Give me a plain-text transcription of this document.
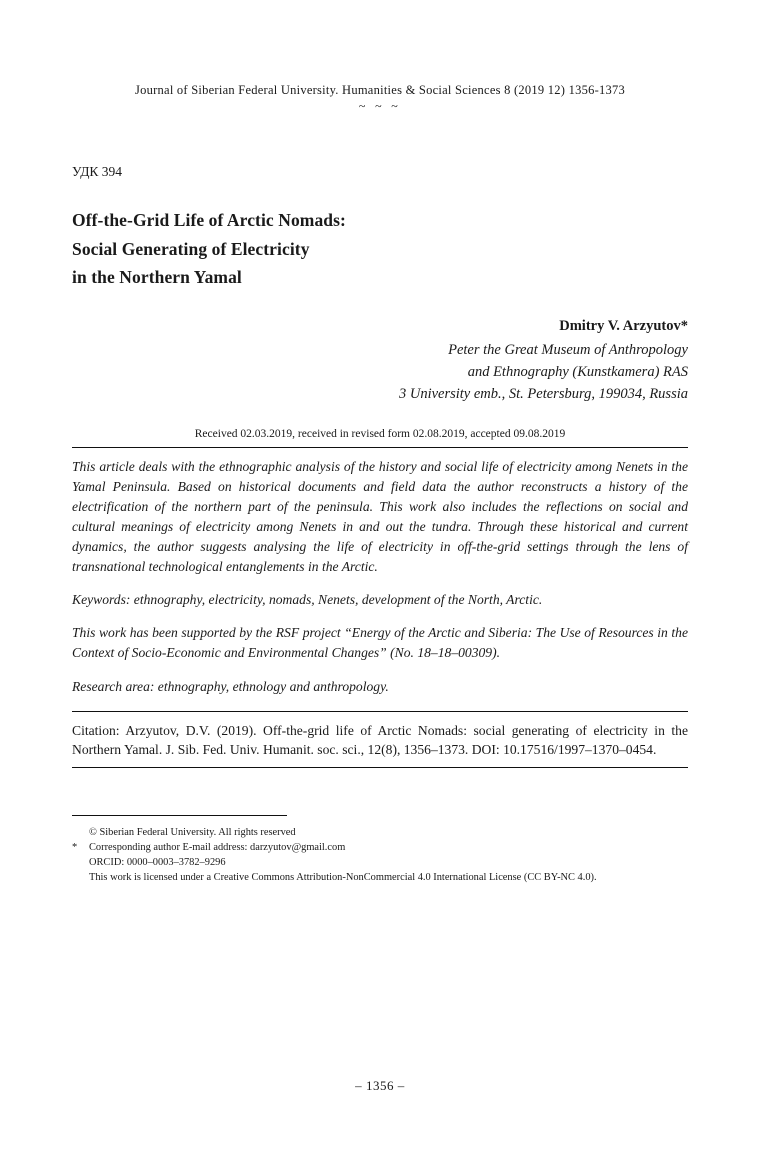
Journal of Siberian Federal University. Humanities & Social Sciences 8 (2019 12) 1356-1373
~ ~ ~
УДК 394
Off-the-Grid Life of Arctic Nomads:
Social Generating of Electricity
in the Northern Yamal
Dmitry V. Arzyutov*
Peter the Great Museum of Anthropology
and Ethnography (Kunstkamera) RAS
3 University emb., St. Petersburg, 199034, Russia
Received 02.03.2019, received in revised form 02.08.2019, accepted 09.08.2019
This article deals with the ethnographic analysis of the history and social life of electricity among Nenets in the Yamal Peninsula. Based on historical documents and field data the author reconstructs a history of the electrification of the northern part of the peninsula. This work also includes the reflections on social and cultural meanings of electricity among Nenets in and out the tundra. Through these historical and current dynamics, the author suggests analysing the life of electricity in off-the-grid settings through the lens of transnational technological entanglements in the Arctic.
Keywords: ethnography, electricity, nomads, Nenets, development of the North, Arctic.
This work has been supported by the RSF project “Energy of the Arctic and Siberia: The Use of Resources in the Context of Socio-Economic and Environmental Changes” (No. 18–18–00309).
Research area: ethnography, ethnology and anthropology.
Citation: Arzyutov, D.V. (2019). Off-the-grid life of Arctic Nomads: social generating of electricity in the Northern Yamal. J. Sib. Fed. Univ. Humanit. soc. sci., 12(8), 1356–1373. DOI: 10.17516/1997–1370–0454.
© Siberian Federal University. All rights reserved
*	Corresponding author E-mail address: darzyutov@gmail.com
ORCID: 0000–0003–3782–9296
This work is licensed under a Creative Commons Attribution-NonCommercial 4.0 International License (CC BY-NC 4.0).
– 1356 –
